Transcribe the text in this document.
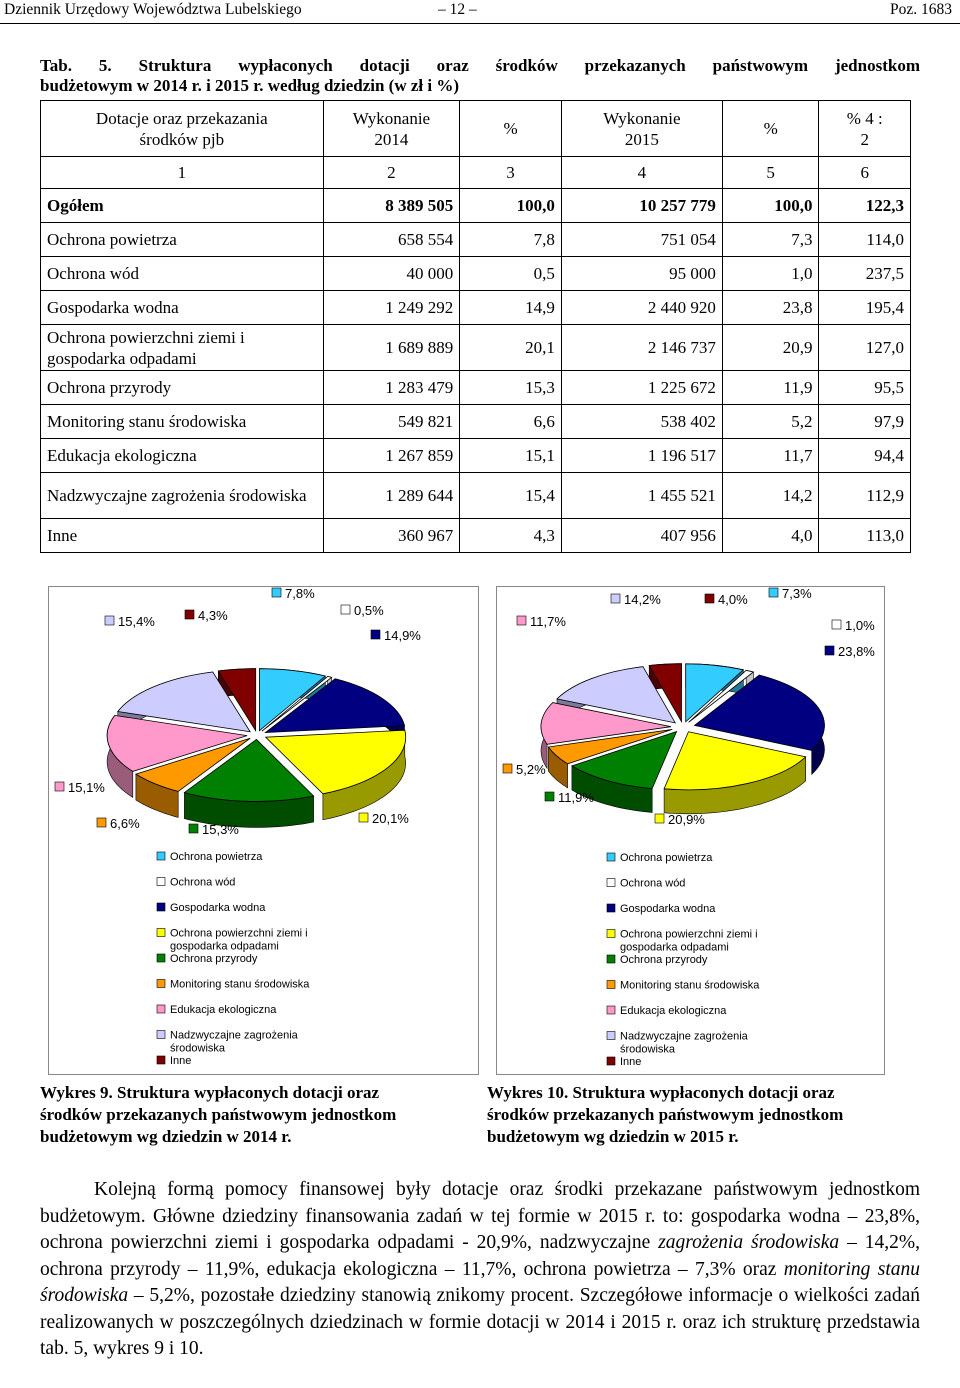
Dziennik Urzędowy Województwa Lubelskiego	– 12 –	Poz. 1683
Tab. 5. Struktura wypłaconych dotacji oraz środków przekazanych państwowym jednostkom
budżetowym w 2014 r. i 2015 r. według dziedzin (w zł i %)
Dotacje oraz przekazania środków pjb	Wykonanie 2014	%	Wykonanie 2015	%	% 4 : 2
1	2	3	4	5	6
Ogółem	8 389 505	100,0	10 257 779	100,0	122,3
Ochrona powietrza	658 554	7,8	751 054	7,3	114,0
Ochrona wód	40 000	0,5	95 000	1,0	237,5
Gospodarka wodna	1 249 292	14,9	2 440 920	23,8	195,4
Ochrona powierzchni ziemi i gospodarka odpadami	1 689 889	20,1	2 146 737	20,9	127,0
Ochrona przyrody	1 283 479	15,3	1 225 672	11,9	95,5
Monitoring stanu środowiska	549 821	6,6	538 402	5,2	97,9
Edukacja ekologiczna	1 267 859	15,1	1 196 517	11,7	94,4
Nadzwyczajne zagrożenia środowiska	1 289 644	15,4	1 455 521	14,2	112,9
Inne	360 967	4,3	407 956	4,0	113,0
7,8%
0,5%
14,9%
20,1%
15,3%
6,6%
15,1%
15,4%	4,3%
Ochrona powietrza
Ochrona wód
Gospodarka wodna
Ochrona powierzchni ziemi i
gospodarka odpadami
Ochrona przyrody
Monitoring stanu środowiska
Edukacja ekologiczna
Nadzwyczajne zagrożenia
środowiska
Inne
7,3%
1,0%
23,8%
20,9%
11,9%
5,2%
11,7%
14,2%	4,0%
Ochrona powietrza
Ochrona wód
Gospodarka wodna
Ochrona powierzchni ziemi i
gospodarka odpadami
Ochrona przyrody
Monitoring stanu środowiska
Edukacja ekologiczna
Nadzwyczajne zagrożenia
środowiska
Inne
Wykres 9. Struktura wypłaconych dotacji oraz
środków przekazanych państwowym jednostkom
budżetowym wg dziedzin w 2014 r.
Wykres 10. Struktura wypłaconych dotacji oraz
środków przekazanych państwowym jednostkom
budżetowym wg dziedzin w 2015 r.
Kolejną formą pomocy finansowej były dotacje oraz środki przekazane państwowym jednostkom budżetowym. Główne dziedziny finansowania zadań w tej formie w 2015 r. to: gospodarka wodna – 23,8%, ochrona powierzchni ziemi i gospodarka odpadami - 20,9%, nadzwyczajne zagrożenia środowiska – 14,2%, ochrona przyrody – 11,9%, edukacja ekologiczna – 11,7%, ochrona powietrza – 7,3% oraz monitoring stanu środowiska – 5,2%, pozostałe dziedziny stanowią znikomy procent. Szczegółowe informacje o wielkości zadań realizowanych w poszczególnych dziedzinach w formie dotacji w 2014 i 2015 r. oraz ich strukturę przedstawia tab. 5, wykres 9 i 10.
